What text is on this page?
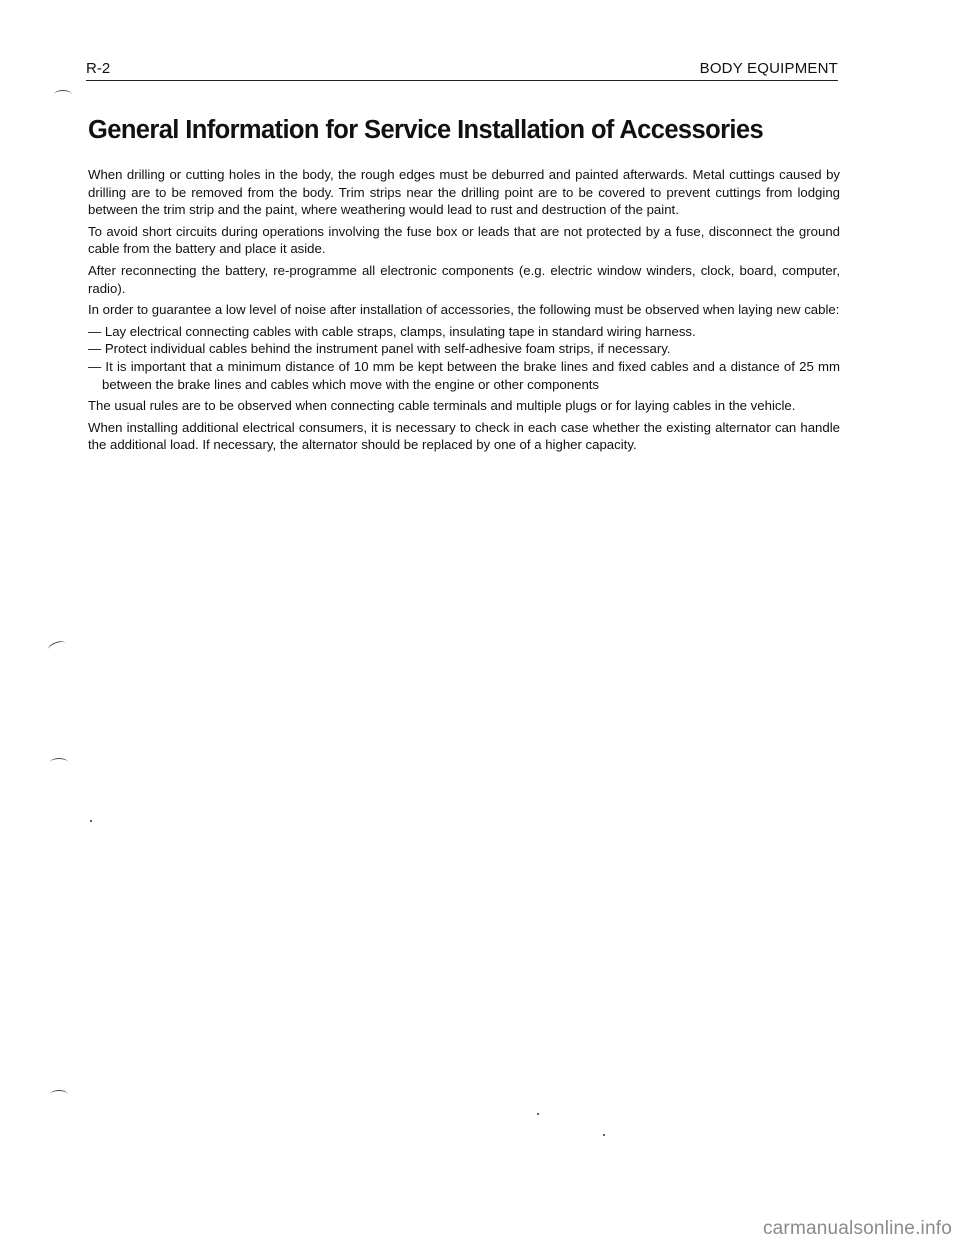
R-2	BODY EQUIPMENT
General Information for Service Installation of Accessories

When drilling or cutting holes in the body, the rough edges must be deburred and painted afterwards. Metal cuttings caused by drilling are to be removed from the body. Trim strips near the drilling point are to be covered to prevent cuttings from lodging between the trim strip and the paint, where weathering would lead to rust and destruction of the paint.

To avoid short circuits during operations involving the fuse box or leads that are not protected by a fuse, disconnect the ground cable from the battery and place it aside.

After reconnecting the battery, re-programme all electronic components (e.g. electric window winders, clock, board, computer, radio).

In order to guarantee a low level of noise after installation of accessories, the following must be observed when laying new cable:

— Lay electrical connecting cables with cable straps, clamps, insulating tape in standard wiring harness.
— Protect individual cables behind the instrument panel with self-adhesive foam strips, if necessary.
— It is important that a minimum distance of 10 mm be kept between the brake lines and fixed cables and a distance of 25 mm between the brake lines and cables which move with the engine or other components

The usual rules are to be observed when connecting cable terminals and multiple plugs or for laying cables in the vehicle.

When installing additional electrical consumers, it is necessary to check in each case whether the existing alternator can handle the additional load. If necessary, the alternator should be replaced by one of a higher capacity.

carmanualsonline.info
